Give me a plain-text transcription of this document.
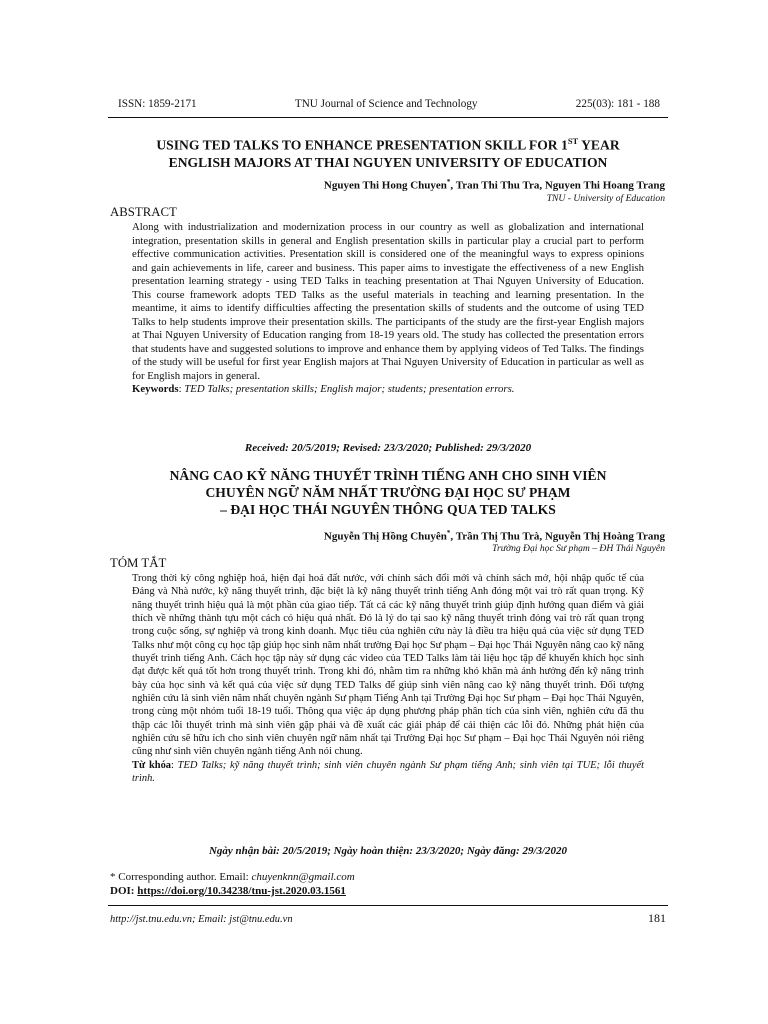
ISSN: 1859-2171	TNU Journal of Science and Technology	225(03): 181 - 188
USING TED TALKS TO ENHANCE PRESENTATION SKILL FOR 1ST YEAR
ENGLISH MAJORS AT THAI NGUYEN UNIVERSITY OF EDUCATION
Nguyen Thi Hong Chuyen*, Tran Thi Thu Tra, Nguyen Thi Hoang Trang
TNU - University of Education
ABSTRACT
Along with industrialization and modernization process in our country as well as globalization and international integration, presentation skills in general and English presentation skills in particular play a crucial part to perform effective communication activities. Presentation skill is considered one of the meaningful ways to express opinions and gain achievements in life, career and business. This paper aims to investigate the effectiveness of a new English presentation learning strategy - using TED Talks in teaching presentation at Thai Nguyen University of Education. This course framework adopts TED Talks as the useful materials in teaching and learning presentation. In the meantime, it aims to identify difficulties affecting the presentation skills of students and the outcome of using TED Talks to help students improve their presentation skills. The participants of the study are the first-year English majors at Thai Nguyen University of Education ranging from 18-19 years old. The study has collected the presentation errors that students have and suggested solutions to improve and enhance them by applying videos of Ted Talks. The findings of the study will be useful for first year English majors at Thai Nguyen University of Education in particular as well as for English majors in general.
Keywords: TED Talks; presentation skills; English major; students; presentation errors.
Received: 20/5/2019; Revised: 23/3/2020; Published: 29/3/2020
NÂNG CAO KỸ NĂNG THUYẾT TRÌNH TIẾNG ANH CHO SINH VIÊN
CHUYÊN NGỮ NĂM NHẤT TRƯỜNG ĐẠI HỌC SƯ PHẠM
– ĐẠI HỌC THÁI NGUYÊN THÔNG QUA TED TALKS
Nguyễn Thị Hồng Chuyên*, Trần Thị Thu Trà, Nguyễn Thị Hoàng Trang
Trường Đại học Sư phạm – ĐH Thái Nguyên
TÓM TẮT
Trong thời kỳ công nghiệp hoá, hiện đại hoá đất nước, với chính sách đổi mới và chính sách mở, hội nhập quốc tế của Đảng và Nhà nước, kỹ năng thuyết trình, đặc biệt là kỹ năng thuyết trình tiếng Anh đóng một vai trò rất quan trọng. Kỹ năng thuyết trình hiệu quả là một phần của giao tiếp. Tất cả các kỹ năng thuyết trình giúp định hướng quan điểm và giải thích về những thành tựu một cách có hiệu quả nhất. Đó là lý do tại sao kỹ năng thuyết trình đóng vai trò rất quan trọng trong cuộc sống, sự nghiệp và trong kinh doanh. Mục tiêu của nghiên cứu này là điều tra hiệu quả của việc sử dụng TED Talks như một công cụ học tập giúp học sinh năm nhất trường Đại học Sư phạm – Đại học Thái Nguyên nâng cao kỹ năng thuyết trình tiếng Anh. Cách học tập này sử dụng các video của TED Talks làm tài liệu học tập để khuyến khích học sinh đạt được kết quả tốt hơn trong thuyết trình. Trong khi đó, nhằm tìm ra những khó khăn mà ảnh hưởng đến kỹ năng trình bày của học sinh và kết quả của việc sử dụng TED Talks để giúp sinh viên nâng cao kỹ năng thuyết trình. Đối tượng nghiên cứu là sinh viên năm nhất chuyên ngành Sư phạm Tiếng Anh tại Trường Đại học Sư phạm – Đại học Thái Nguyên, trong cùng một nhóm tuổi 18-19 tuổi. Thông qua việc áp dụng phương pháp phân tích của sinh viên, nghiên cứu đã thu thập các lỗi thuyết trình mà sinh viên gặp phải và đề xuất các giải pháp để cải thiện các lỗi đó. Những phát hiện của nghiên cứu sẽ hữu ích cho sinh viên chuyên ngữ năm nhất tại Trường Đại học Sư phạm – Đại học Thái Nguyên nói riêng cũng như sinh viên chuyên ngành tiếng Anh nói chung.
Từ khóa: TED Talks; kỹ năng thuyết trình; sinh viên chuyên ngành Sư phạm tiếng Anh; sinh viên tại TUE; lỗi thuyết trình.
Ngày nhận bài: 20/5/2019; Ngày hoàn thiện: 23/3/2020; Ngày đăng: 29/3/2020
* Corresponding author. Email: chuyenknn@gmail.com
DOI: https://doi.org/10.34238/tnu-jst.2020.03.1561
http://jst.tnu.edu.vn; Email: jst@tnu.edu.vn	181
